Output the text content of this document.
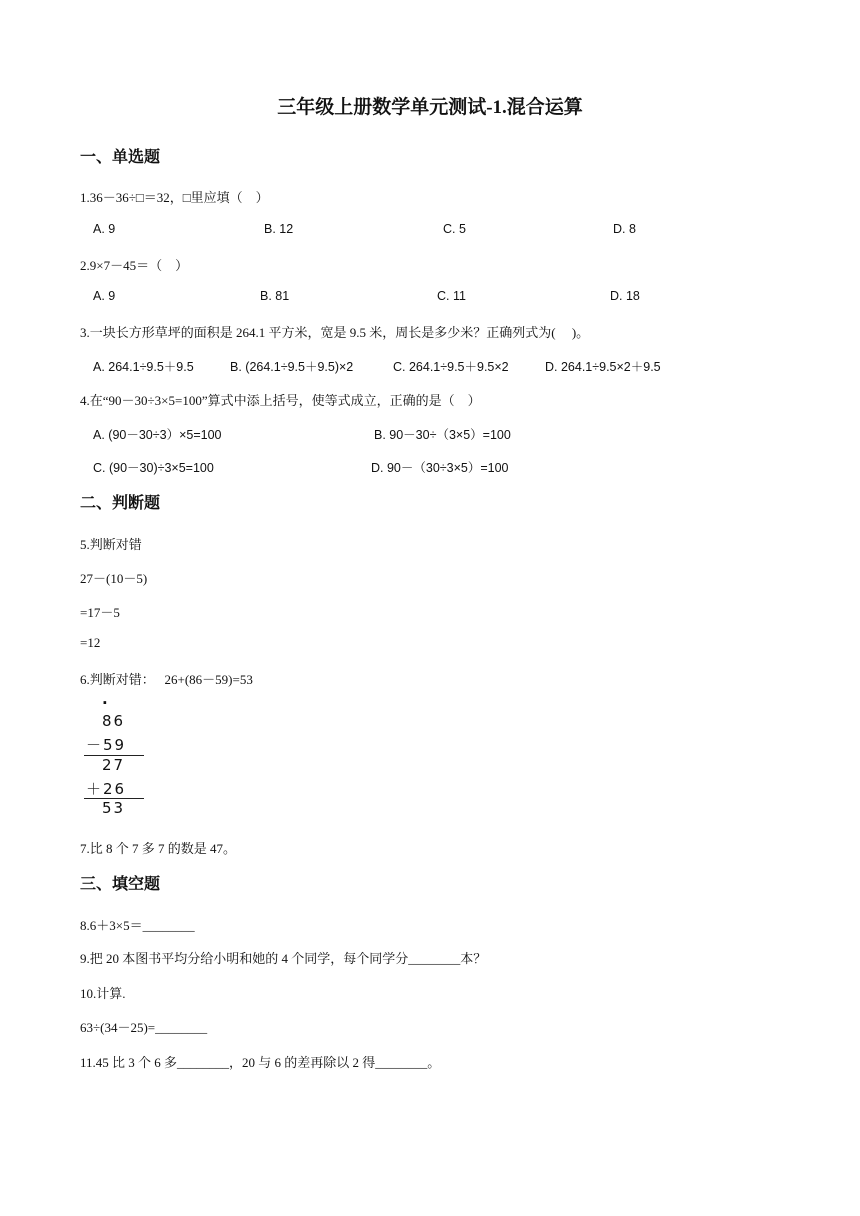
三年级上册数学单元测试-1.混合运算
一、单选题
1.36－36÷□＝32，□里应填（　）
A. 9	B. 12	C. 5	D. 8
2.9×7－45＝（　）
A. 9	B. 81	C. 11	D. 18
3.一块长方形草坪的面积是 264.1 平方米，宽是 9.5 米，周长是多少米？正确列式为(　 )。
A. 264.1÷9.5＋9.5	B. (264.1÷9.5＋9.5)×2	C. 264.1÷9.5＋9.5×2	D. 264.1÷9.5×2＋9.5
4.在“90－30÷3×5=100”算式中添上括号，使等式成立，正确的是（　）
A. (90－30÷3）×5=100	B. 90－30÷（3×5）=100
C. (90－30)÷3×5=100	D. 90－（30÷3×5）=100
二、判断题
5.判断对错
27－(10－5)
=17－5
=12
6.判断对错：　 26+(86－59)=53
·
86
－59
27
＋26
53
7.比 8 个 7 多 7 的数是 47。
三、填空题
8.6＋3×5＝________
9.把 20 本图书平均分给小明和她的 4 个同学，每个同学分________本？
10.计算.
63÷(34－25)=________
11.45 比 3 个 6 多________，20 与 6 的差再除以 2 得________。
